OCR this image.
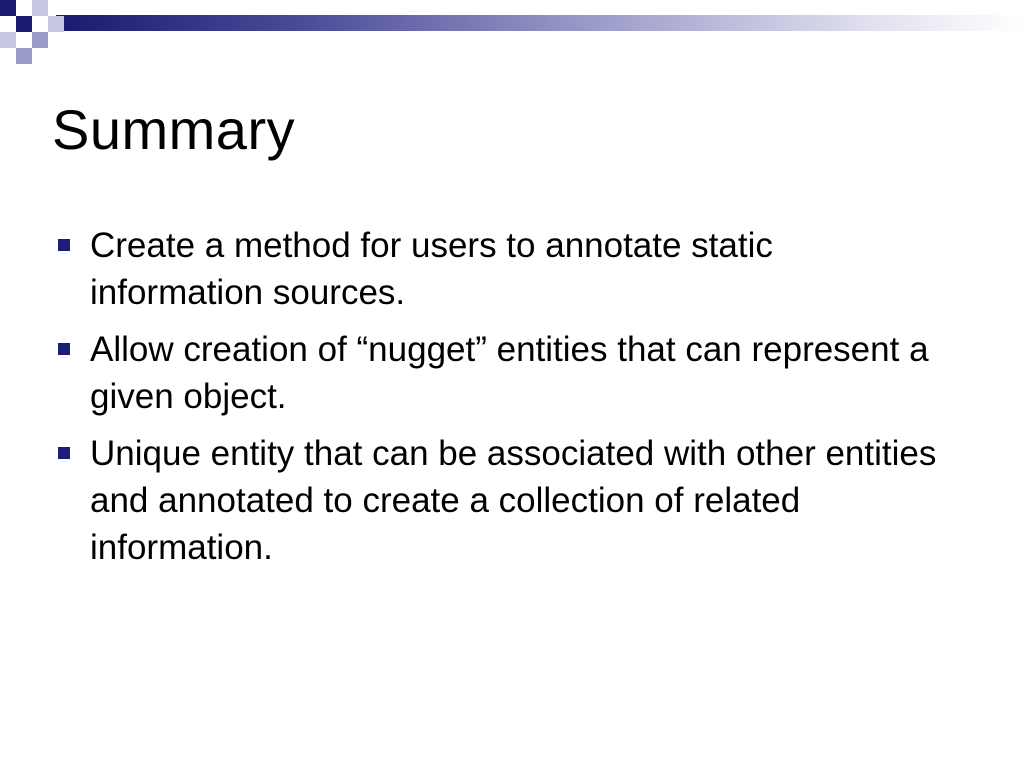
Summary
Create a method for users to annotate static information sources.
Allow creation of “nugget” entities that can represent a given object.
Unique entity that can be associated with other entities and annotated to create a collection of related information.
